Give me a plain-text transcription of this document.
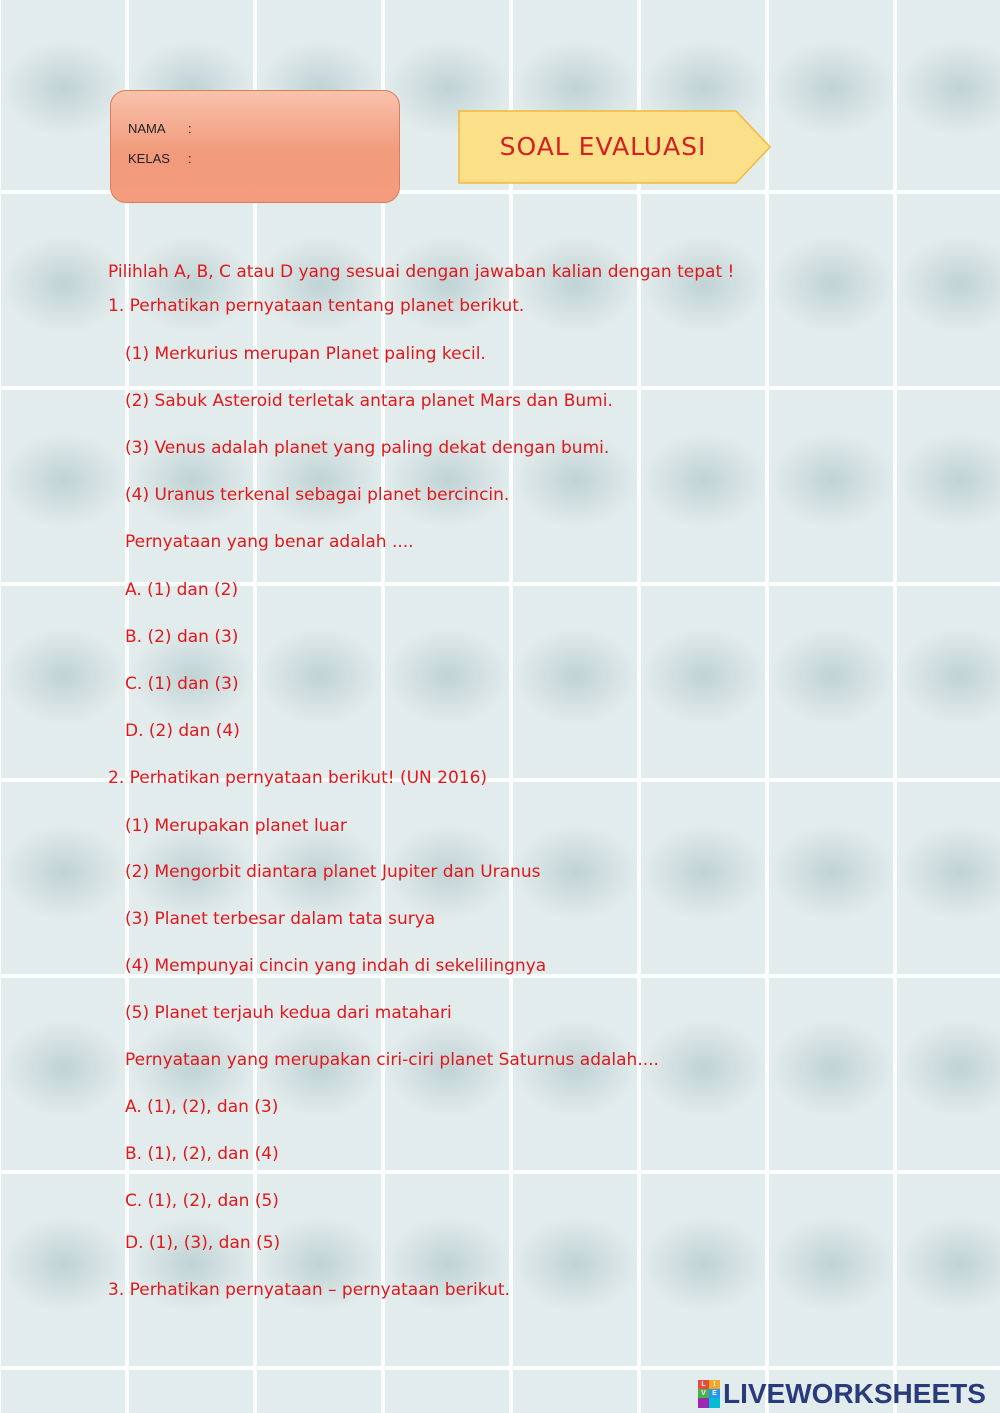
NAMA :
KELAS :	SOAL EVALUASI
Pilihlah A, B, C atau D yang sesuai dengan jawaban kalian dengan tepat !
1. Perhatikan pernyataan tentang planet berikut.
(1) Merkurius merupan Planet paling kecil.
(2) Sabuk Asteroid terletak antara planet Mars dan Bumi.
(3) Venus adalah planet yang paling dekat dengan bumi.
(4) Uranus terkenal sebagai planet bercincin.
Pernyataan yang benar adalah ....
A. (1) dan (2)
B. (2) dan (3)
C. (1) dan (3)
D. (2) dan (4)
2. Perhatikan pernyataan berikut! (UN 2016)
(1) Merupakan planet luar
(2) Mengorbit diantara planet Jupiter dan Uranus
(3) Planet terbesar dalam tata surya
(4) Mempunyai cincin yang indah di sekelilingnya
(5) Planet terjauh kedua dari matahari
Pernyataan yang merupakan ciri-ciri planet Saturnus adalah....
A. (1), (2), dan (3)
B. (1), (2), dan (4)
C. (1), (2), dan (5)
D. (1), (3), dan (5)
3. Perhatikan pernyataan – pernyataan berikut.
L	I
V E LIVEWORKSHEETS
